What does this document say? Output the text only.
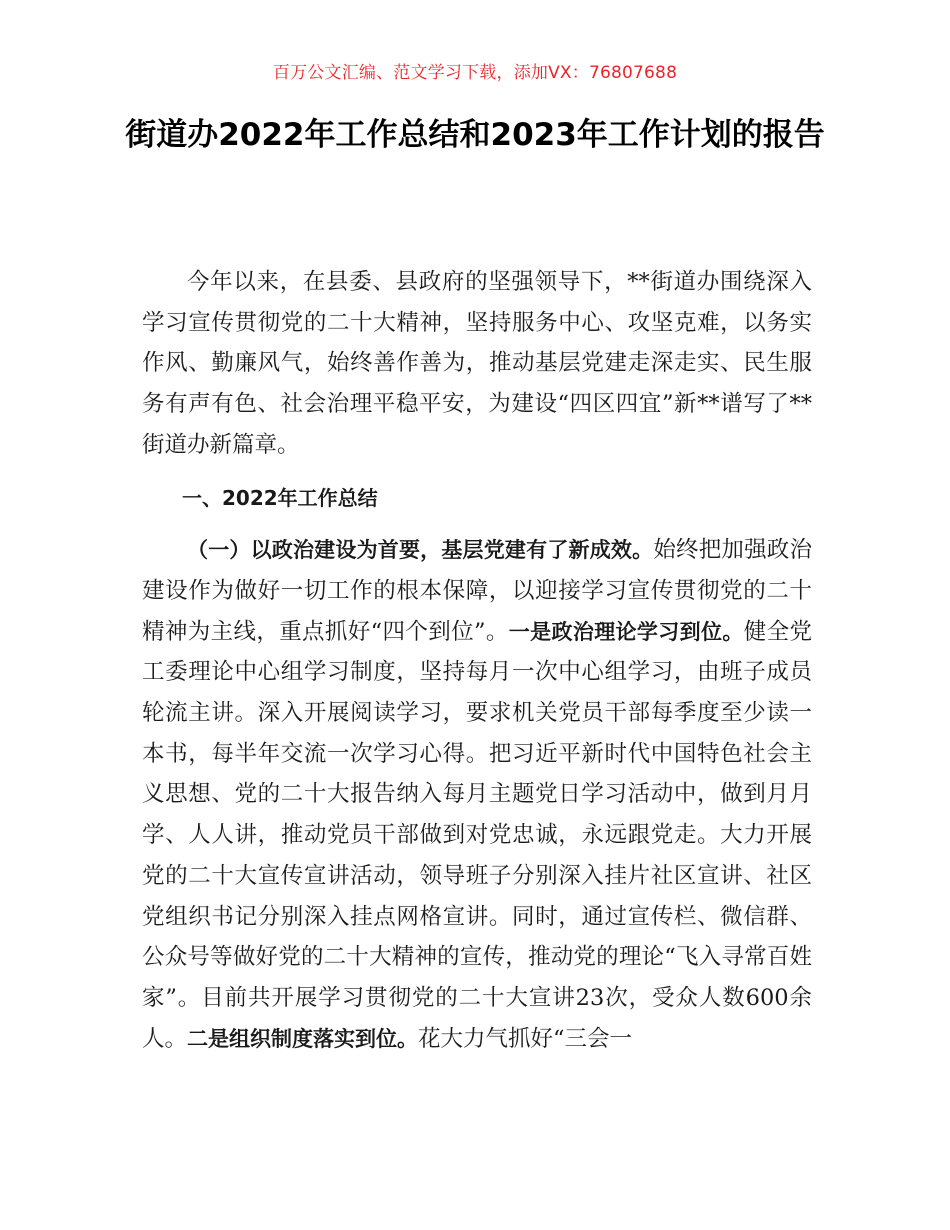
百万公文汇编、范文学习下载，添加VX：76807688
街道办2022年工作总结和2023年工作计划的报告

今年以来，在县委、县政府的坚强领导下，**街道办围绕深入学习宣传贯彻党的二十大精神，坚持服务中心、攻坚克难，以务实作风、勤廉风气，始终善作善为，推动基层党建走深走实、民生服务有声有色、社会治理平稳平安，为建设“四区四宜”新**谱写了**街道办新篇章。

一、2022年工作总结

（一）以政治建设为首要，基层党建有了新成效。始终把加强政治建设作为做好一切工作的根本保障，以迎接学习宣传贯彻党的二十精神为主线，重点抓好“四个到位”。一是政治理论学习到位。健全党工委理论中心组学习制度，坚持每月一次中心组学习，由班子成员轮流主讲。深入开展阅读学习，要求机关党员干部每季度至少读一本书，每半年交流一次学习心得。把习近平新时代中国特色社会主义思想、党的二十大报告纳入每月主题党日学习活动中，做到月月学、人人讲，推动党员干部做到对党忠诚，永远跟党走。大力开展党的二十大宣传宣讲活动，领导班子分别深入挂片社区宣讲、社区党组织书记分别深入挂点网格宣讲。同时，通过宣传栏、微信群、公众号等做好党的二十大精神的宣传，推动党的理论“飞入寻常百姓家”。目前共开展学习贯彻党的二十大宣讲23次，受众人数600余人。二是组织制度落实到位。花大力气抓好“三会一
